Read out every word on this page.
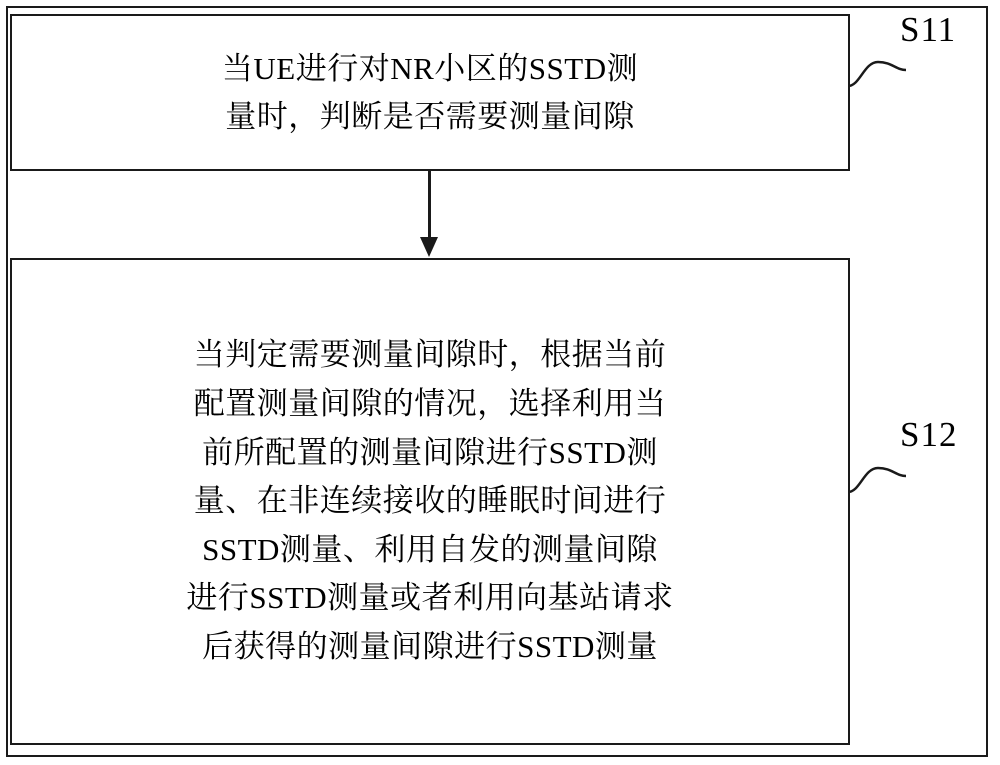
当UE进行对NR小区的SSTD测
量时，判断是否需要测量间隙
当判定需要测量间隙时，根据当前
配置测量间隙的情况，选择利用当
前所配置的测量间隙进行SSTD测
量、在非连续接收的睡眠时间进行
SSTD测量、利用自发的测量间隙
进行SSTD测量或者利用向基站请求
后获得的测量间隙进行SSTD测量
S11
S12
